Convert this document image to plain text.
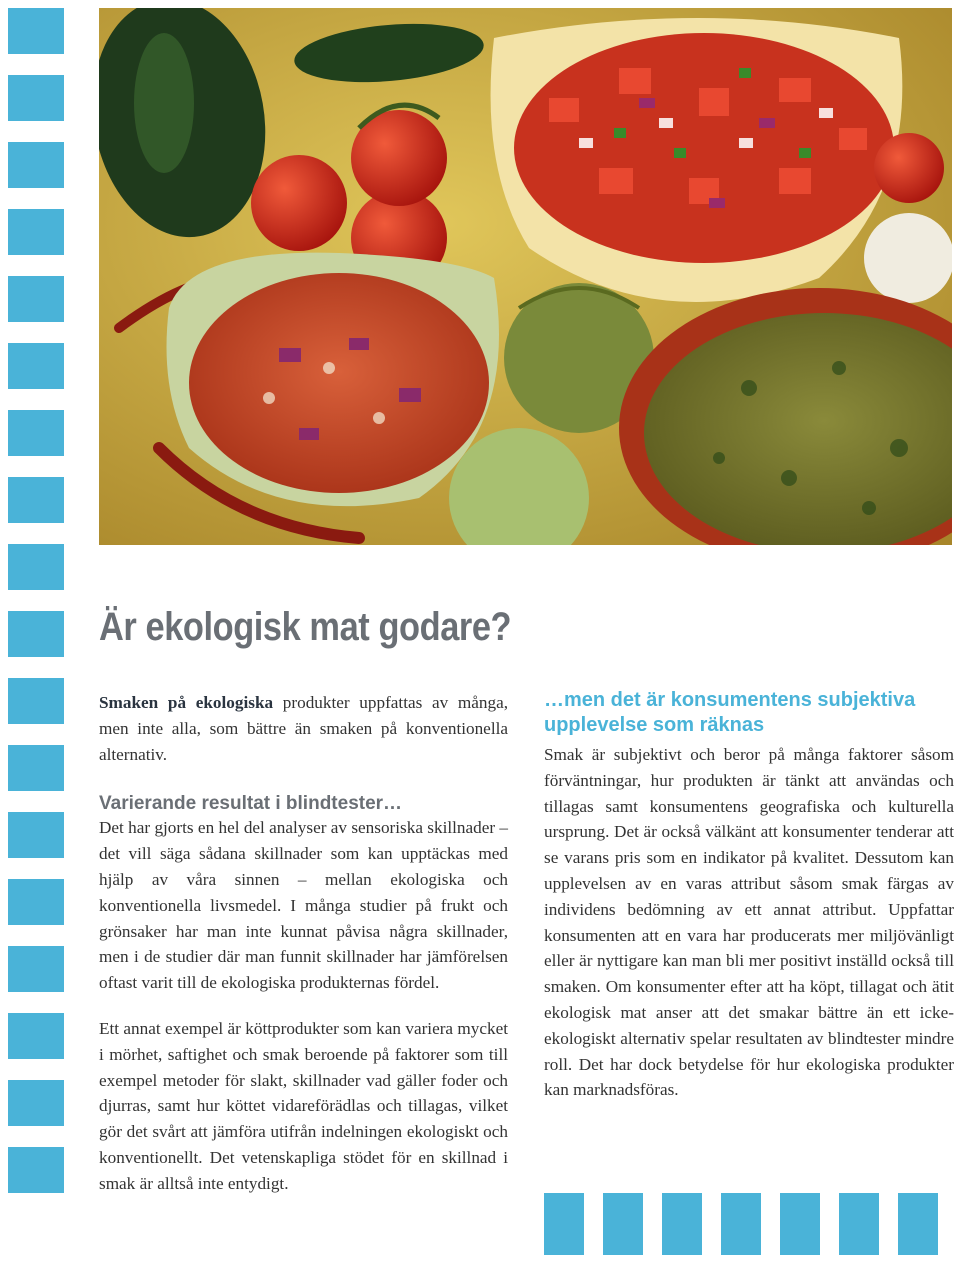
Är ekologisk mat godare?

Smaken på ekologiska produkter uppfattas av många, men inte alla, som bättre än smaken på konventionella alternativ.

Varierande resultat i blindtester…

Det har gjorts en hel del analyser av sensoriska skillnader – det vill säga sådana skillnader som kan upptäckas med hjälp av våra sinnen – mellan ekologiska och konventionella livsmedel. I många studier på frukt och grönsaker har man inte kunnat påvisa några skillnader, men i de studier där man funnit skillnader har jämförelsen oftast varit till de ekologiska produkternas fördel.

Ett annat exempel är köttprodukter som kan variera mycket i mörhet, saftighet och smak beroende på faktorer som till exempel metoder för slakt, skillnader vad gäller foder och djurras, samt hur köttet vidareförädlas och tillagas, vilket gör det svårt att jämföra utifrån indelningen ekologiskt och konventionellt. Det vetenskapliga stödet för en skillnad i smak är alltså inte entydigt.

…men det är konsumentens subjektiva upplevelse som räknas

Smak är subjektivt och beror på många faktorer såsom förväntningar, hur produkten är tänkt att användas och tillagas samt konsumentens geografiska och kulturella ursprung. Det är också välkänt att konsumenter tenderar att se varans pris som en indikator på kvalitet. Dessutom kan upplevelsen av en varas attribut såsom smak färgas av individens bedömning av ett annat attribut. Uppfattar konsumenten att en vara har producerats mer miljövänligt eller är nyttigare kan man bli mer positivt inställd också till smaken. Om konsumenter efter att ha köpt, tillagat och ätit ekologisk mat anser att det smakar bättre än ett icke-ekologiskt alternativ spelar resultaten av blindtester mindre roll. Det har dock betydelse för hur ekologiska produkter kan marknadsföras.
